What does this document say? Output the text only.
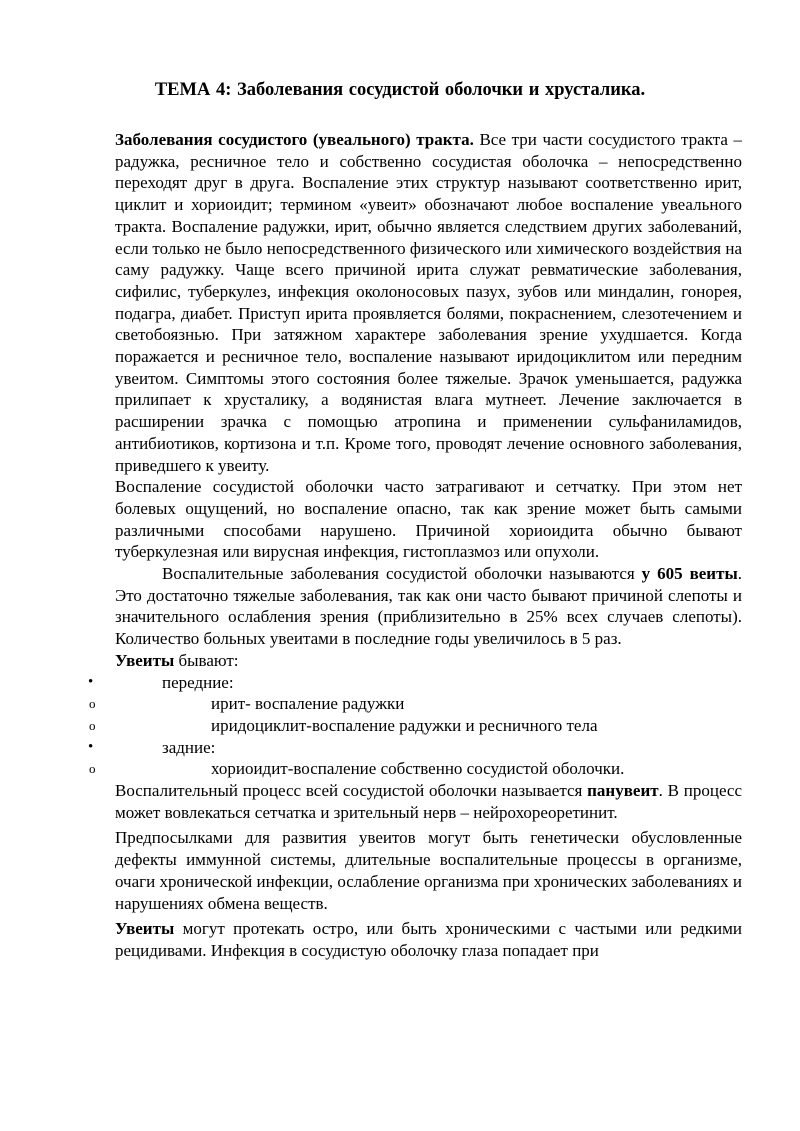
ТЕМА 4: Заболевания сосудистой оболочки и хрусталика.

Заболевания сосудистого (увеального) тракта. Все три части сосудистого тракта – радужка, ресничное тело и собственно сосудистая оболочка – непосредственно переходят друг в друга. Воспаление этих структур называют соответственно ирит, циклит и хориоидит; термином «увеит» обозначают любое воспаление увеального тракта. Воспаление радужки, ирит, обычно является следствием других заболеваний, если только не было непосредственного физического или химического воздействия на саму радужку. Чаще всего причиной ирита служат ревматические заболевания, сифилис, туберкулез, инфекция околоносовых пазух, зубов или миндалин, гонорея, подагра, диабет. Приступ ирита проявляется болями, покраснением, слезотечением и светобоязнью. При затяжном характере заболевания зрение ухудшается. Когда поражается и ресничное тело, воспаление называют иридоциклитом или передним увеитом. Симптомы этого состояния более тяжелые. Зрачок уменьшается, радужка прилипает к хрусталику, а водянистая влага мутнеет. Лечение заключается в расширении зрачка с помощью атропина и применении сульфаниламидов, антибиотиков, кортизона и т.п. Кроме того, проводят лечение основного заболевания, приведшего к увеиту.

Воспаление сосудистой оболочки часто затрагивают и сетчатку. При этом нет болевых ощущений, но воспаление опасно, так как зрение может быть самыми различными способами нарушено. Причиной хориоидита обычно бывают туберкулезная или вирусная инфекция, гистоплазмоз или опухоли.

Воспалительные заболевания сосудистой оболочки называются у 605 веиты. Это достаточно тяжелые заболевания, так как они часто бывают причиной слепоты и значительного ослабления зрения (приблизительно в 25% всех случаев слепоты). Количество больных увеитами в последние годы увеличилось в 5 раз.

Увеиты бывают:

•	передние:
o	ирит- воспаление радужки
o	иридоциклит-воспаление радужки и ресничного тела
•	задние:
o	хориоидит-воспаление собственно сосудистой оболочки.

Воспалительный процесс всей сосудистой оболочки называется панувеит. В процесс может вовлекаться сетчатка и зрительный нерв – нейрохореоретинит.

Предпосылками для развития увеитов могут быть генетически обусловленные дефекты иммунной системы, длительные воспалительные процессы в организме, очаги хронической инфекции, ослабление организма при хронических заболеваниях и нарушениях обмена веществ.

Увеиты могут протекать остро, или быть хроническими с частыми или редкими рецидивами. Инфекция в сосудистую оболочку глаза попадает при
